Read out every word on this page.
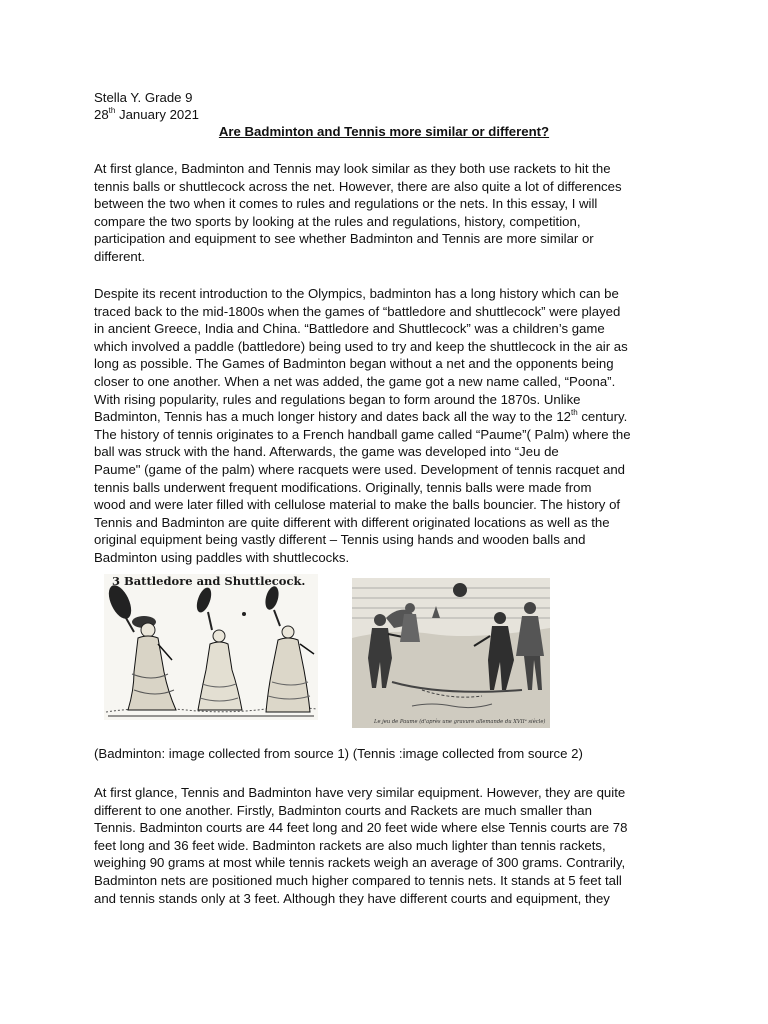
Stella Y. Grade 9
28th January 2021
Are Badminton and Tennis more similar or different?
At first glance, Badminton and Tennis may look similar as they both use rackets to hit the
tennis balls or shuttlecock across the net. However, there are also quite a lot of differences
between the two when it comes to rules and regulations or the nets. In this essay, I will
compare the two sports by looking at the rules and regulations, history, competition,
participation and equipment to see whether Badminton and Tennis are more similar or
different.
Despite its recent introduction to the Olympics, badminton has a long history which can be
traced back to the mid-1800s when the games of “battledore and shuttlecock” were played
in ancient Greece, India and China. “Battledore and Shuttlecock” was a children’s game
which involved a paddle (battledore) being used to try and keep the shuttlecock in the air as
long as possible. The Games of Badminton began without a net and the opponents being
closer to one another. When a net was added, the game got a new name called, “Poona”.
With rising popularity, rules and regulations began to form around the 1870s. Unlike
Badminton, Tennis has a much longer history and dates back all the way to the 12th century.
The history of tennis originates to a French handball game called “Paume”( Palm) where the
ball was struck with the hand. Afterwards, the game was developed into “Jeu de
Paume" (game of the palm) where racquets were used. Development of tennis racquet and
tennis balls underwent frequent modifications. Originally, tennis balls were made from
wood and were later filled with cellulose material to make the balls bouncier. The history of
Tennis and Badminton are quite different with different originated locations as well as the
original equipment being vastly different – Tennis using hands and wooden balls and
Badminton using paddles with shuttlecocks.
3 Battledore and Shuttlecock.
Le jeu de Paume (d'après une gravure allemande du XVIIᵉ siècle)
(Badminton: image collected from source 1) (Tennis :image collected from source 2)
At first glance, Tennis and Badminton have very similar equipment. However, they are quite
different to one another. Firstly, Badminton courts and Rackets are much smaller than
Tennis. Badminton courts are 44 feet long and 20 feet wide where else Tennis courts are 78
feet long and 36 feet wide. Badminton rackets are also much lighter than tennis rackets,
weighing 90 grams at most while tennis rackets weigh an average of 300 grams. Contrarily,
Badminton nets are positioned much higher compared to tennis nets. It stands at 5 feet tall
and tennis stands only at 3 feet. Although they have different courts and equipment, they
